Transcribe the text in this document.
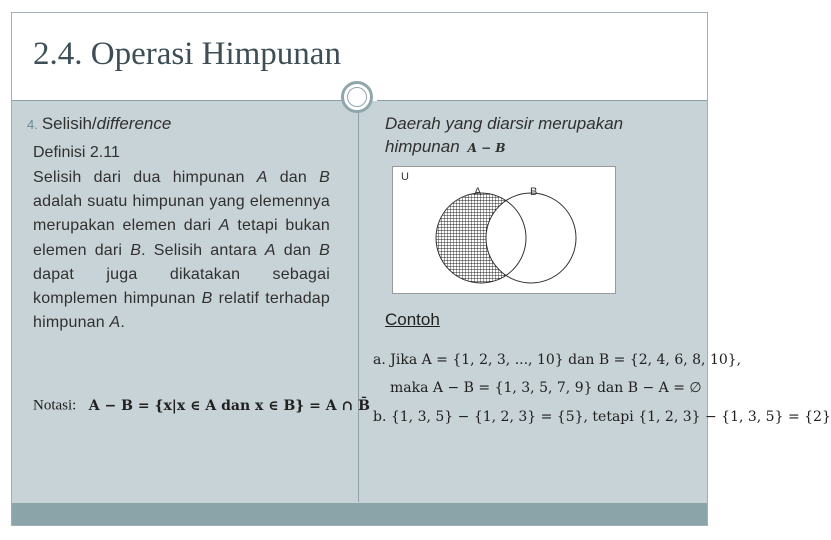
2.4. Operasi Himpunan
4. Selisih/difference
Definisi 2.11
Selisih dari dua himpunan A dan B adalah suatu himpunan yang elemennya merupakan elemen dari A tetapi bukan elemen dari B. Selisih antara A dan B dapat juga dikatakan sebagai komplemen himpunan B relatif terhadap himpunan A.
Notasi: A − B = {x|x ∈ A dan x ∈ B} = A ∩ B̄
Daerah yang diarsir merupakan himpunan A − B
U
A	B
Contoh
a. Jika A = {1, 2, 3, ..., 10} dan B = {2, 4, 6, 8, 10},
maka A − B = {1, 3, 5, 7, 9} dan B − A = ∅
b. {1, 3, 5} − {1, 2, 3} = {5}, tetapi {1, 2, 3} − {1, 3, 5} = {2}
